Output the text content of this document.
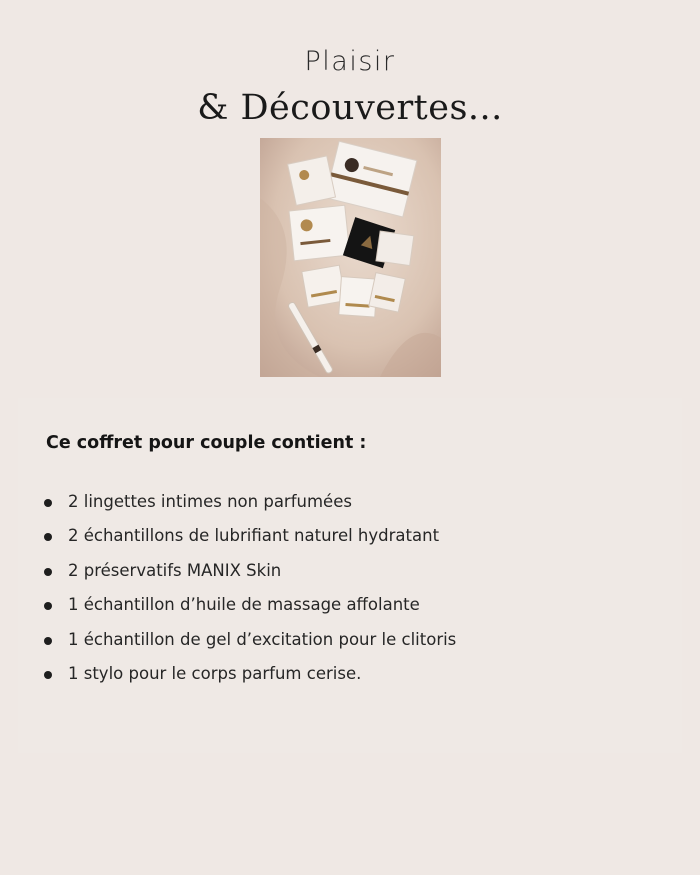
Plaisir
& Découvertes...
Ce coffret pour couple contient :
2 lingettes intimes non parfumées
2 échantillons de lubrifiant naturel hydratant
2 préservatifs MANIX Skin
1 échantillon d’huile de massage affolante
1 échantillon de gel d’excitation pour le clitoris
1 stylo pour le corps parfum cerise.
